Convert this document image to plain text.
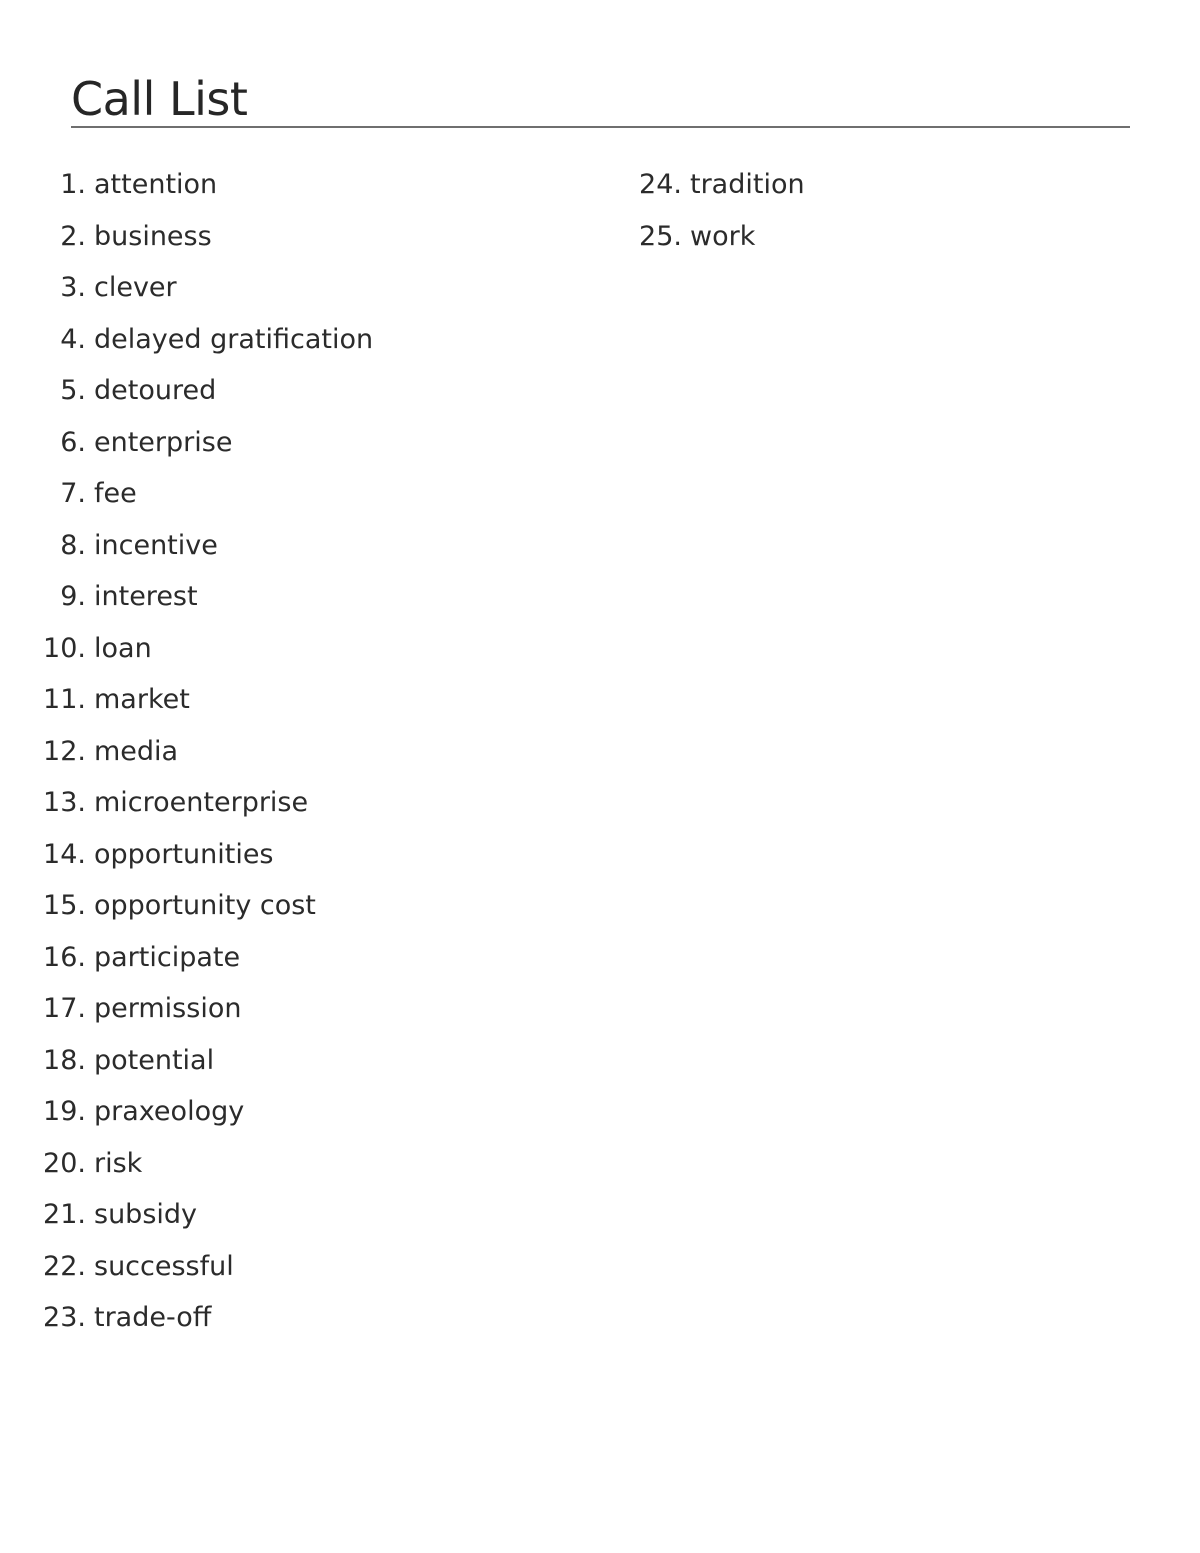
Call List
1. attention
2. business
3. clever
4. delayed gratification
5. detoured
6. enterprise
7. fee
8. incentive
9. interest
10. loan
11. market
12. media
13. microenterprise
14. opportunities
15. opportunity cost
16. participate
17. permission
18. potential
19. praxeology
20. risk
21. subsidy
22. successful
23. trade-off
24. tradition
25. work
